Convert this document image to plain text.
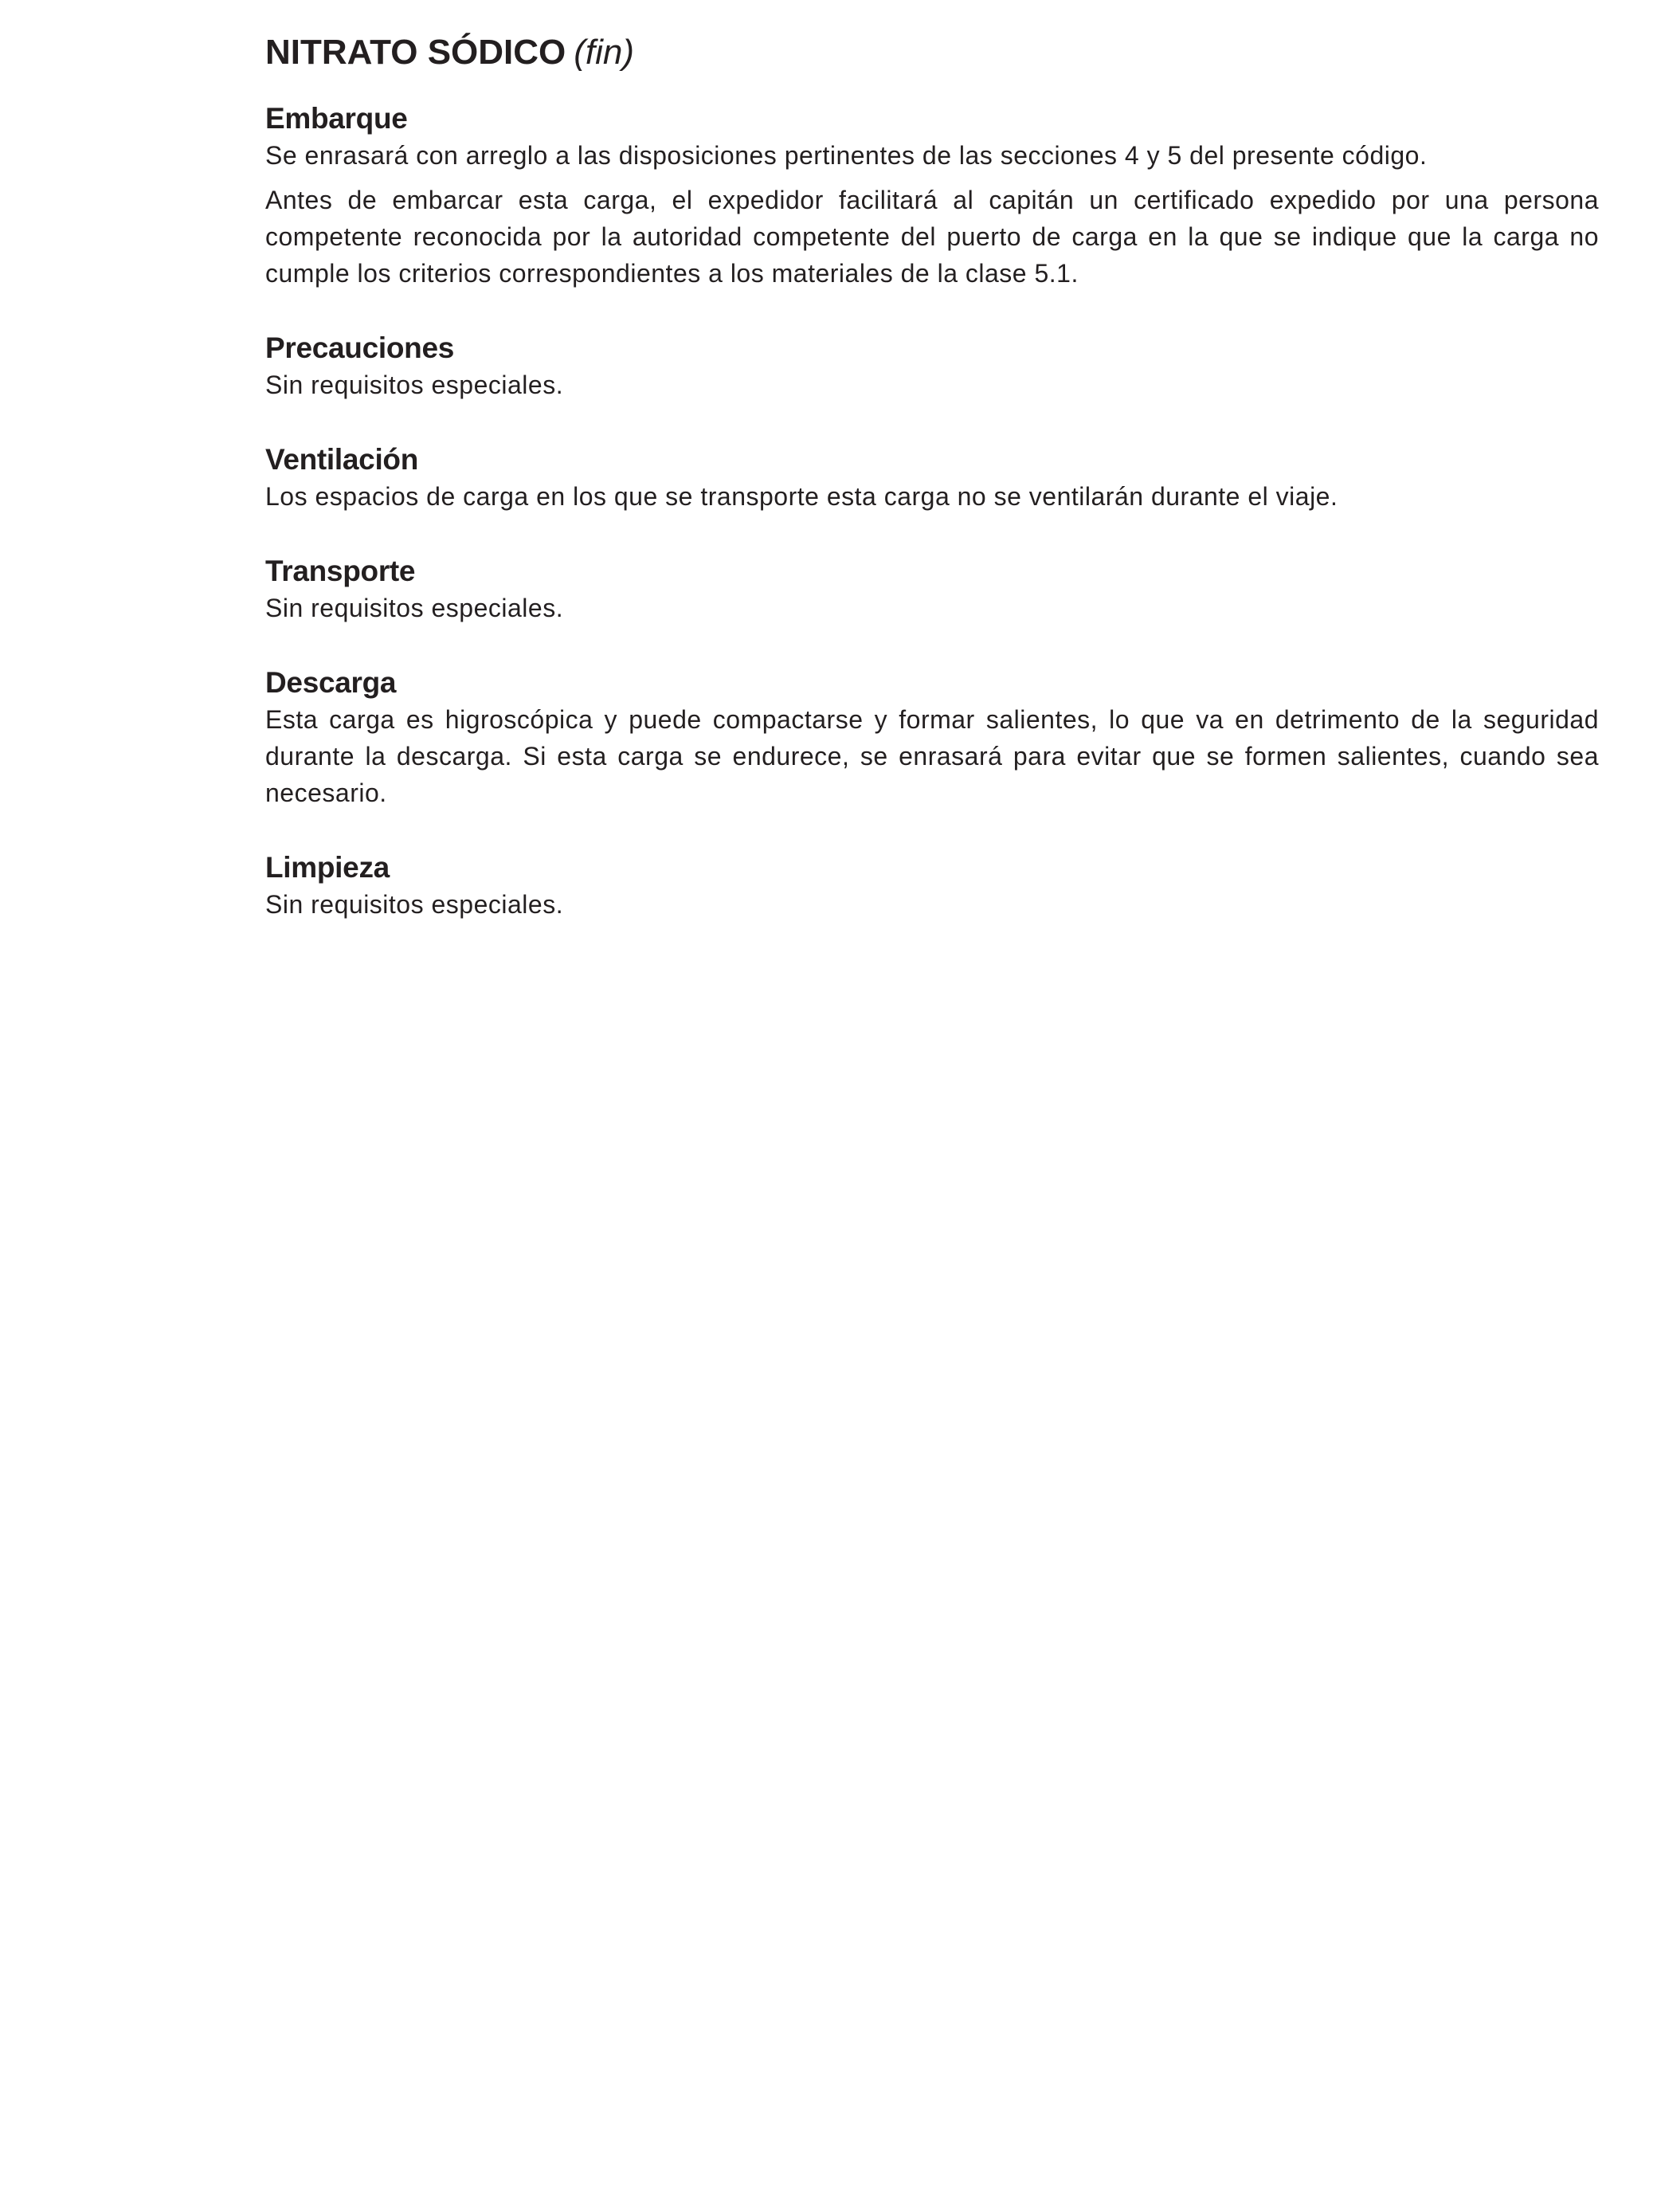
NITRATO SÓDICO (fin)
Embarque

Se enrasará con arreglo a las disposiciones pertinentes de las secciones 4 y 5 del presente código.

Antes de embarcar esta carga, el expedidor facilitará al capitán un certificado expedido por una persona competente reconocida por la autoridad competente del puerto de carga en la que se indique que la carga no cumple los criterios correspondientes a los materiales de la clase 5.1.

Precauciones

Sin requisitos especiales.

Ventilación

Los espacios de carga en los que se transporte esta carga no se ventilarán durante el viaje.

Transporte

Sin requisitos especiales.

Descarga

Esta carga es higroscópica y puede compactarse y formar salientes, lo que va en detrimento de la seguridad durante la descarga. Si esta carga se endurece, se enrasará para evitar que se formen salientes, cuando sea necesario.

Limpieza

Sin requisitos especiales.
